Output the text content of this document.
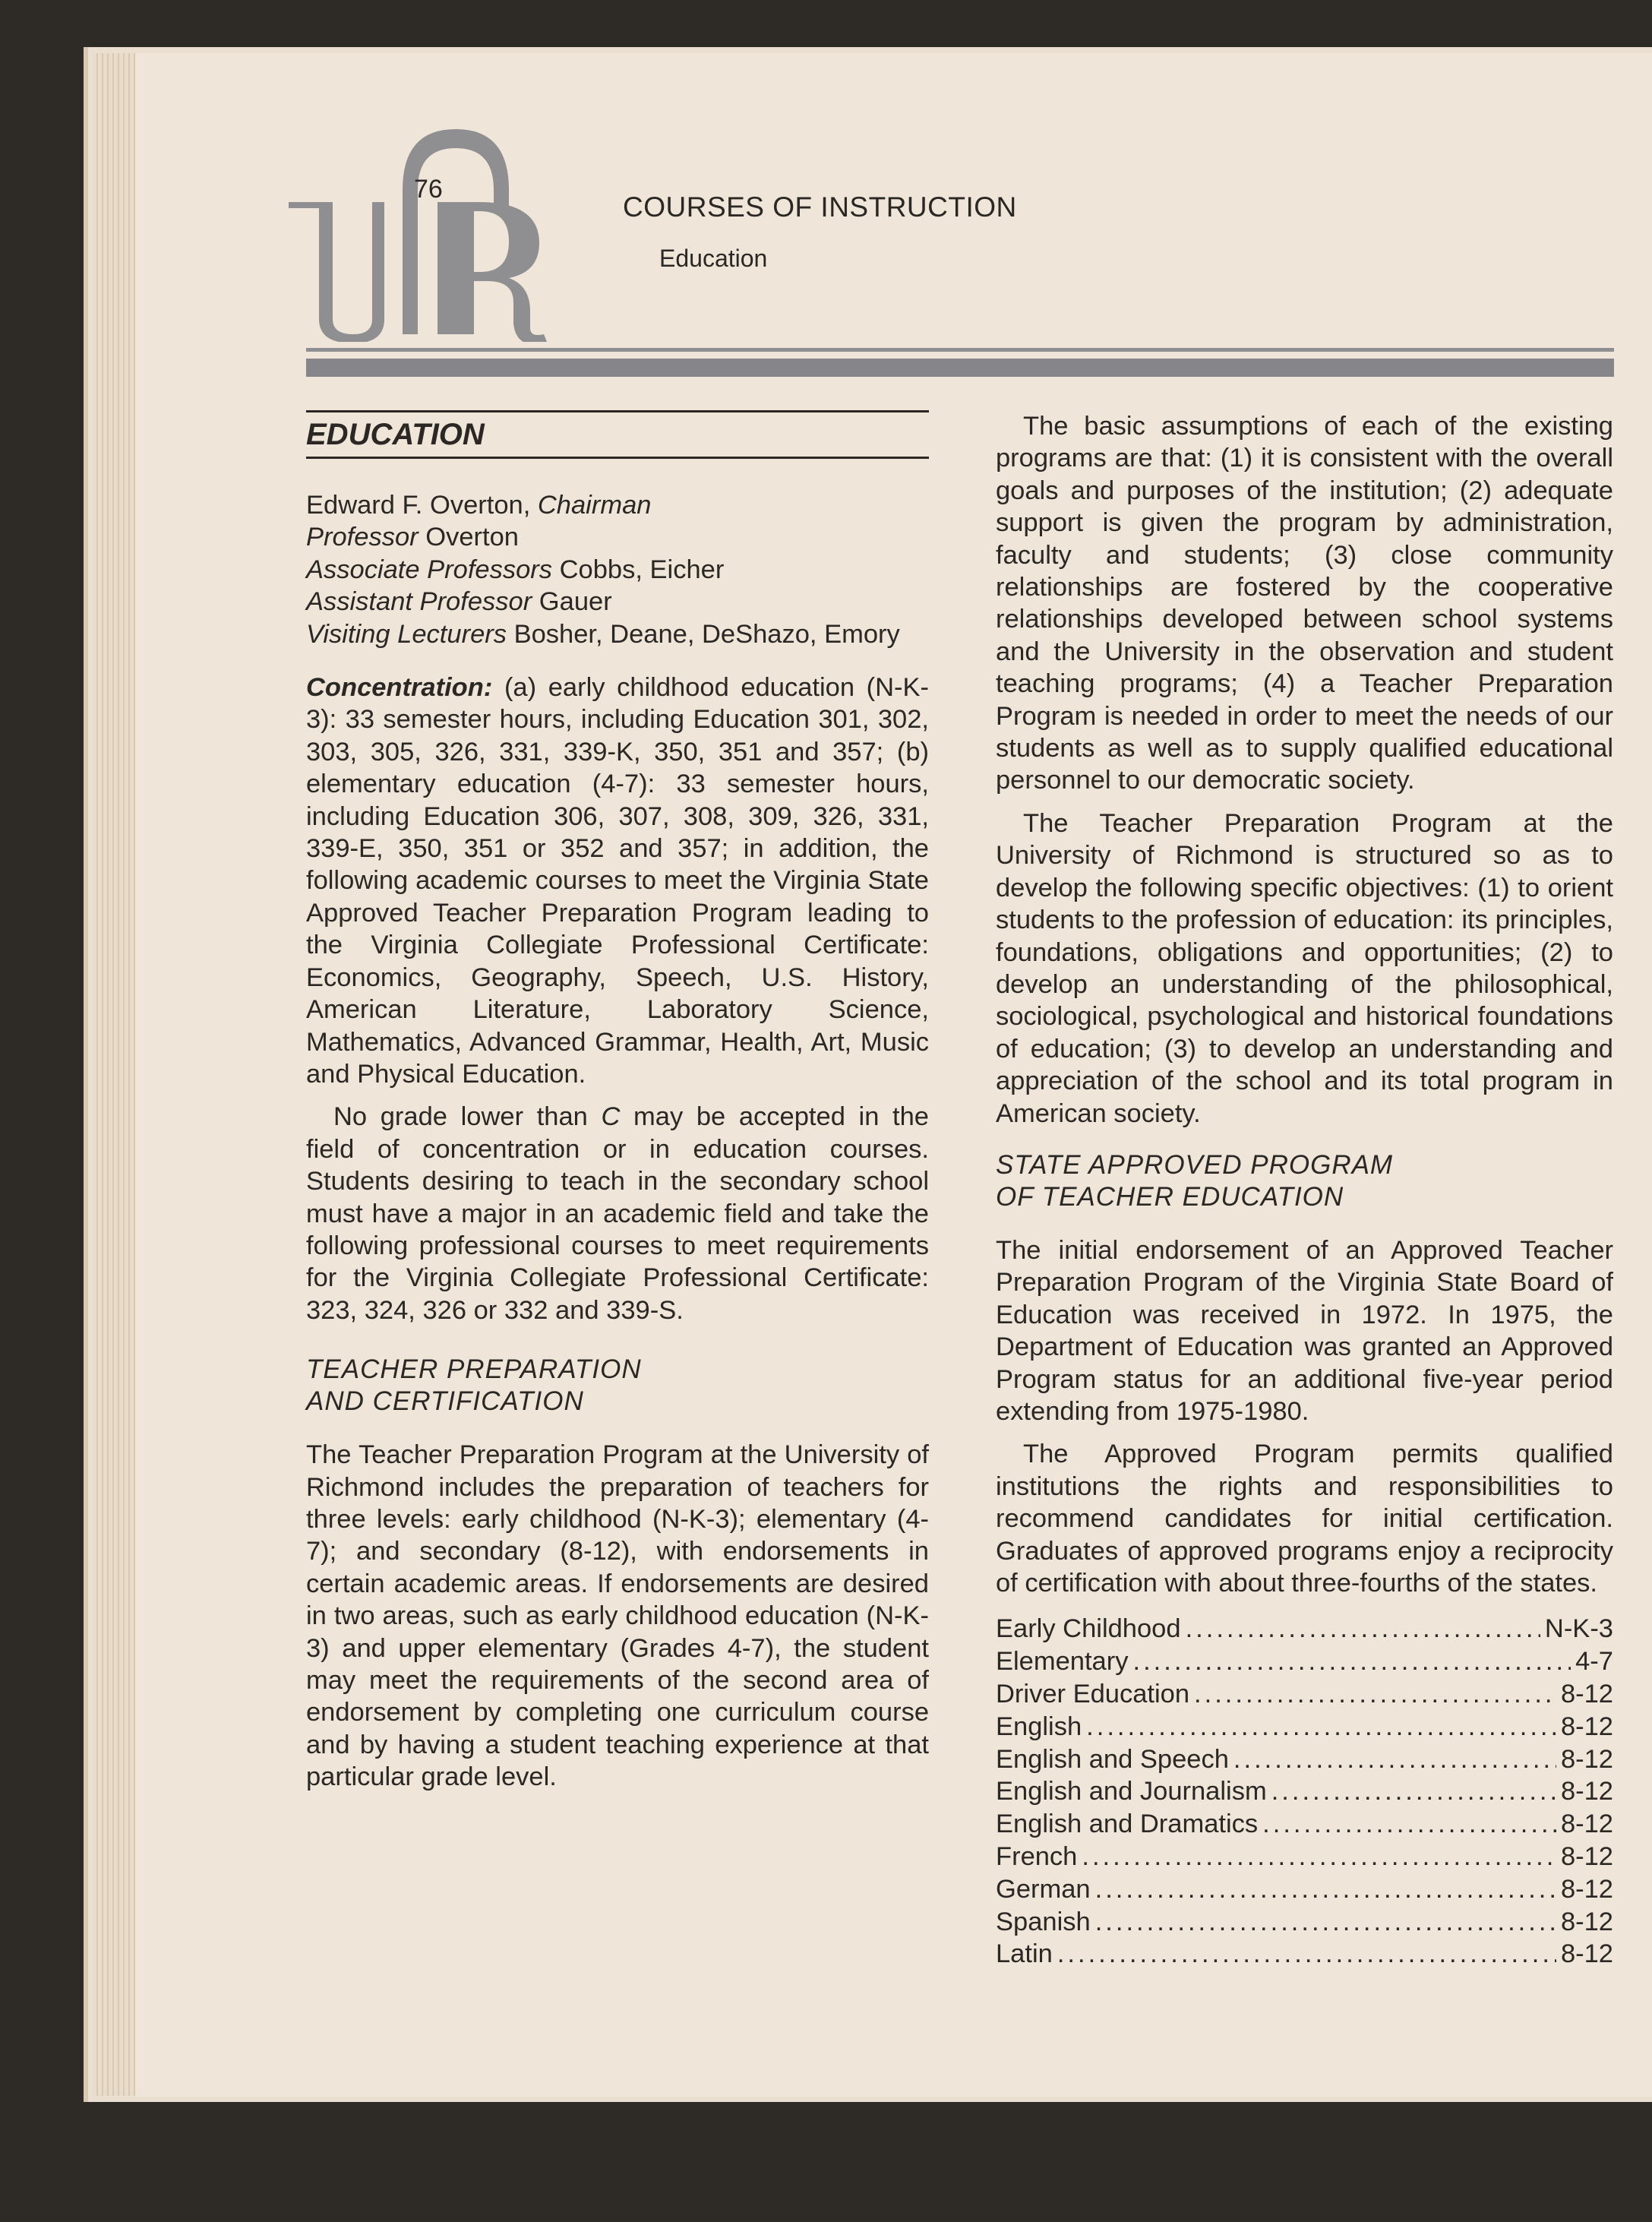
76
COURSES OF INSTRUCTION
Education
EDUCATION
Edward F. Overton, Chairman
Professor Overton
Associate Professors Cobbs, Eicher
Assistant Professor Gauer
Visiting Lecturers Bosher, Deane, DeShazo, Emory
Concentration: (a) early childhood education (N-K-3): 33 semester hours, including Education 301, 302, 303, 305, 326, 331, 339-K, 350, 351 and 357; (b) elementary education (4-7): 33 semester hours, including Education 306, 307, 308, 309, 326, 331, 339-E, 350, 351 or 352 and 357; in addition, the following academic courses to meet the Virginia State Approved Teacher Preparation Program leading to the Virginia Collegiate Professional Certificate: Economics, Geography, Speech, U.S. History, American Literature, Laboratory Science, Mathematics, Advanced Grammar, Health, Art, Music and Physical Education.
No grade lower than C may be accepted in the field of concentration or in education courses. Students desiring to teach in the secondary school must have a major in an academic field and take the following professional courses to meet requirements for the Virginia Collegiate Professional Certificate: 323, 324, 326 or 332 and 339-S.
TEACHER PREPARATION
AND CERTIFICATION
The Teacher Preparation Program at the University of Richmond includes the preparation of teachers for three levels: early childhood (N-K-3); elementary (4-7); and secondary (8-12), with endorsements in certain academic areas. If endorsements are desired in two areas, such as early childhood education (N-K-3) and upper elementary (Grades 4-7), the student may meet the requirements of the second area of endorsement by completing one curriculum course and by having a student teaching experience at that particular grade level.
The basic assumptions of each of the existing programs are that: (1) it is consistent with the overall goals and purposes of the institution; (2) adequate support is given the program by administration, faculty and students; (3) close community relationships are fostered by the cooperative relationships developed between school systems and the University in the observation and student teaching programs; (4) a Teacher Preparation Program is needed in order to meet the needs of our students as well as to supply qualified educational personnel to our democratic society.
The Teacher Preparation Program at the University of Richmond is structured so as to develop the following specific objectives: (1) to orient students to the profession of education: its principles, foundations, obligations and opportunities; (2) to develop an understanding of the philosophical, sociological, psychological and historical foundations of education; (3) to develop an understanding and appreciation of the school and its total program in American society.
STATE APPROVED PROGRAM
OF TEACHER EDUCATION
The initial endorsement of an Approved Teacher Preparation Program of the Virginia State Board of Education was received in 1972. In 1975, the Department of Education was granted an Approved Program status for an additional five-year period extending from 1975-1980.
The Approved Program permits qualified institutions the rights and responsibilities to recommend candidates for initial certification. Graduates of approved programs enjoy a reciprocity of certification with about three-fourths of the states.
Early Childhood .....	N-K-3
Elementary .....	4-7
Driver Education .....	8-12
English .....	8-12
English and Speech .....	8-12
English and Journalism .....	8-12
English and Dramatics .....	8-12
French .....	8-12
German .....	8-12
Spanish .....	8-12
Latin .....	8-12
